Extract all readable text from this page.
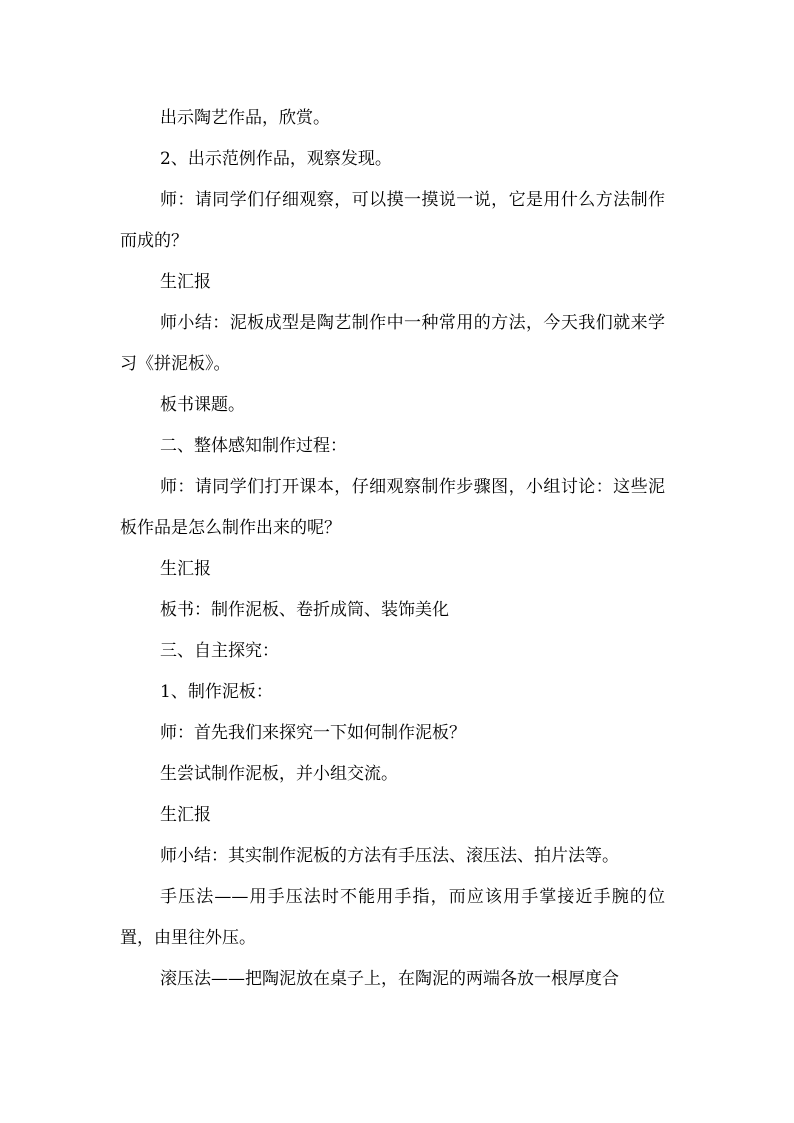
出示陶艺作品，欣赏。

2、出示范例作品，观察发现。

师：请同学们仔细观察，可以摸一摸说一说，它是用什么方法制作而成的？

生汇报

师小结：泥板成型是陶艺制作中一种常用的方法，今天我们就来学习《拼泥板》。

板书课题。

二、整体感知制作过程：

师：请同学们打开课本，仔细观察制作步骤图，小组讨论：这些泥板作品是怎么制作出来的呢？

生汇报

板书：制作泥板、卷折成筒、装饰美化

三、自主探究：

1、制作泥板：

师：首先我们来探究一下如何制作泥板？

生尝试制作泥板，并小组交流。

生汇报

师小结：其实制作泥板的方法有手压法、滚压法、拍片法等。

手压法——用手压法时不能用手指，而应该用手掌接近手腕的位置，由里往外压。

滚压法——把陶泥放在桌子上，在陶泥的两端各放一根厚度合
